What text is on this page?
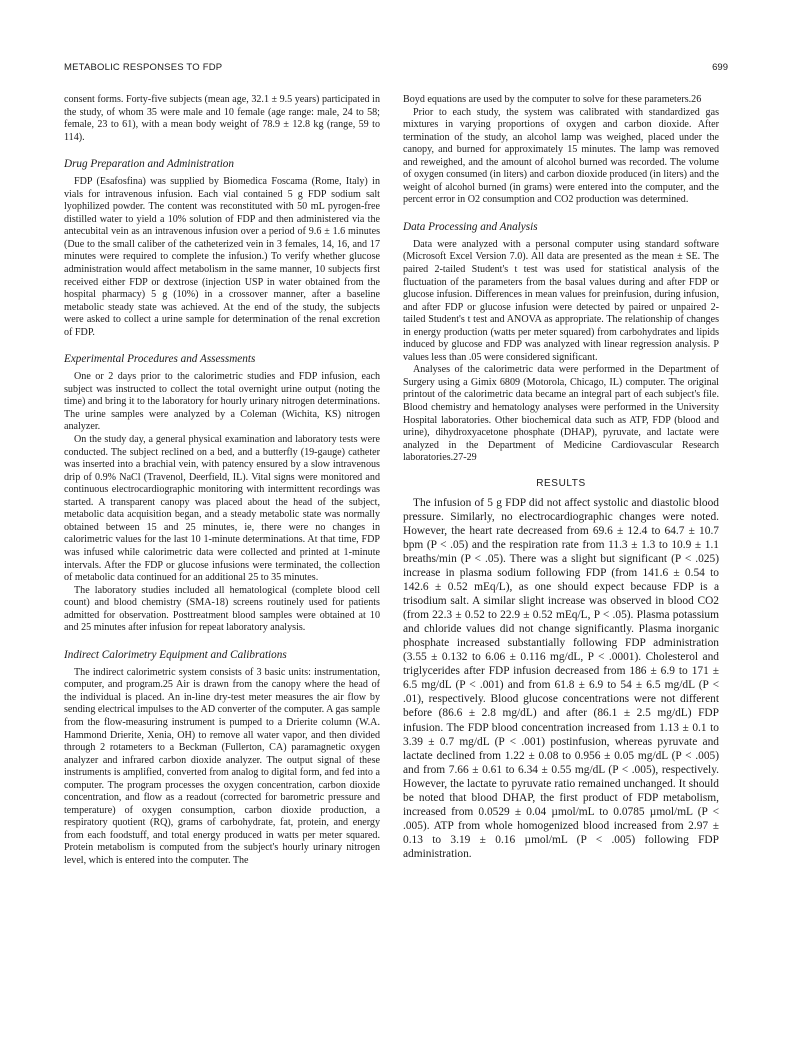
METABOLIC RESPONSES TO FDP	699

consent forms. Forty-five subjects (mean age, 32.1 ± 9.5 years) participated in the study, of whom 35 were male and 10 female (age range: male, 24 to 58; female, 23 to 61), with a mean body weight of 78.9 ± 12.8 kg (range, 59 to 114).

Drug Preparation and Administration

FDP (Esafosfina) was supplied by Biomedica Foscama (Rome, Italy) in vials for intravenous infusion. Each vial contained 5 g FDP sodium salt lyophilized powder. The content was reconstituted with 50 mL pyrogen-free distilled water to yield a 10% solution of FDP and then administered via the antecubital vein as an intravenous infusion over a period of 9.6 ± 1.6 minutes (Due to the small caliber of the catheterized vein in 3 females, 14, 16, and 17 minutes were required to complete the infusion.) To verify whether glucose administration would affect metabolism in the same manner, 10 subjects first received either FDP or dextrose (injection USP in water obtained from the hospital pharmacy) 5 g (10%) in a crossover manner, after a baseline metabolic steady state was achieved. At the end of the study, the subjects were asked to collect a urine sample for determination of the renal excretion of FDP.

Experimental Procedures and Assessments

One or 2 days prior to the calorimetric studies and FDP infusion, each subject was instructed to collect the total overnight urine output (noting the time) and bring it to the laboratory for hourly urinary nitrogen determinations. The urine samples were analyzed by a Coleman (Wichita, KS) nitrogen analyzer.

On the study day, a general physical examination and laboratory tests were conducted. The subject reclined on a bed, and a butterfly (19-gauge) catheter was inserted into a brachial vein, with patency ensured by a slow intravenous drip of 0.9% NaCl (Travenol, Deerfield, IL). Vital signs were monitored and continuous electrocardiographic monitoring with intermittent recordings was started. A transparent canopy was placed about the head of the subject, metabolic data acquisition began, and a steady metabolic state was normally obtained between 15 and 25 minutes, ie, there were no changes in calorimetric values for the last 10 1-minute determinations. At that time, FDP was infused while calorimetric data were collected and printed at 1-minute intervals. After the FDP or glucose infusions were terminated, the collection of metabolic data continued for an additional 25 to 35 minutes.

The laboratory studies included all hematological (complete blood cell count) and blood chemistry (SMA-18) screens routinely used for patients admitted for observation. Posttreatment blood samples were obtained at 10 and 25 minutes after infusion for repeat laboratory analysis.

Indirect Calorimetry Equipment and Calibrations

The indirect calorimetric system consists of 3 basic units: instrumentation, computer, and program.25 Air is drawn from the canopy where the head of the individual is placed. An in-line dry-test meter measures the air flow by sending electrical impulses to the AD converter of the computer. A gas sample from the flow-measuring instrument is pumped to a Drierite column (W.A. Hammond Drierite, Xenia, OH) to remove all water vapor, and then divided through 2 rotameters to a Beckman (Fullerton, CA) paramagnetic oxygen analyzer and infrared carbon dioxide analyzer. The output signal of these instruments is amplified, converted from analog to digital form, and fed into a computer. The program processes the oxygen concentration, carbon dioxide concentration, and flow as a readout (corrected for barometric pressure and temperature) of oxygen consumption, carbon dioxide production, a respiratory quotient (RQ), grams of carbohydrate, fat, protein, and energy from each foodstuff, and total energy produced in watts per meter squared. Protein metabolism is computed from the subject's hourly urinary nitrogen level, which is entered into the computer. The

Boyd equations are used by the computer to solve for these parameters.26

Prior to each study, the system was calibrated with standardized gas mixtures in varying proportions of oxygen and carbon dioxide. After termination of the study, an alcohol lamp was weighed, placed under the canopy, and burned for approximately 15 minutes. The lamp was removed and reweighed, and the amount of alcohol burned was recorded. The volume of oxygen consumed (in liters) and carbon dioxide produced (in liters) and the weight of alcohol burned (in grams) were entered into the computer, and the percent error in O2 consumption and CO2 production was determined.

Data Processing and Analysis

Data were analyzed with a personal computer using standard software (Microsoft Excel Version 7.0). All data are presented as the mean ± SE. The paired 2-tailed Student's t test was used for statistical analysis of the fluctuation of the parameters from the basal values during and after FDP or glucose infusion. Differences in mean values for preinfusion, during infusion, and after FDP or glucose infusion were detected by paired or unpaired 2-tailed Student's t test and ANOVA as appropriate. The relationship of changes in energy production (watts per meter squared) from carbohydrates and lipids induced by glucose and FDP was analyzed with linear regression analysis. P values less than .05 were considered significant.

Analyses of the calorimetric data were performed in the Department of Surgery using a Gimix 6809 (Motorola, Chicago, IL) computer. The original printout of the calorimetric data became an integral part of each subject's file. Blood chemistry and hematology analyses were performed in the University Hospital laboratories. Other biochemical data such as ATP, FDP (blood and urine), dihydroxyacetone phosphate (DHAP), pyruvate, and lactate were analyzed in the Department of Medicine Cardiovascular Research laboratories.27-29

RESULTS

The infusion of 5 g FDP did not affect systolic and diastolic blood pressure. Similarly, no electrocardiographic changes were noted. However, the heart rate decreased from 69.6 ± 12.4 to 64.7 ± 10.7 bpm (P < .05) and the respiration rate from 11.3 ± 1.3 to 10.9 ± 1.1 breaths/min (P < .05). There was a slight but significant (P < .025) increase in plasma sodium following FDP (from 141.6 ± 0.54 to 142.6 ± 0.52 mEq/L), as one should expect because FDP is a trisodium salt. A similar slight increase was observed in blood CO2 (from 22.3 ± 0.52 to 22.9 ± 0.52 mEq/L, P < .05). Plasma potassium and chloride values did not change significantly. Plasma inorganic phosphate increased substantially following FDP administration (3.55 ± 0.132 to 6.06 ± 0.116 mg/dL, P < .0001). Cholesterol and triglycerides after FDP infusion decreased from 186 ± 6.9 to 171 ± 6.5 mg/dL (P < .001) and from 61.8 ± 6.9 to 54 ± 6.5 mg/dL (P < .01), respectively. Blood glucose concentrations were not different before (86.6 ± 2.8 mg/dL) and after (86.1 ± 2.5 mg/dL) FDP infusion. The FDP blood concentration increased from 1.13 ± 0.1 to 3.39 ± 0.7 mg/dL (P < .001) postinfusion, whereas pyruvate and lactate declined from 1.22 ± 0.08 to 0.956 ± 0.05 mg/dL (P < .005) and from 7.66 ± 0.61 to 6.34 ± 0.55 mg/dL (P < .005), respectively. However, the lactate to pyruvate ratio remained unchanged. It should be noted that blood DHAP, the first product of FDP metabolism, increased from 0.0529 ± 0.04 µmol/mL to 0.0785 µmol/mL (P < .005). ATP from whole homogenized blood increased from 2.97 ± 0.13 to 3.19 ± 0.16 µmol/mL (P < .005) following FDP administration.
